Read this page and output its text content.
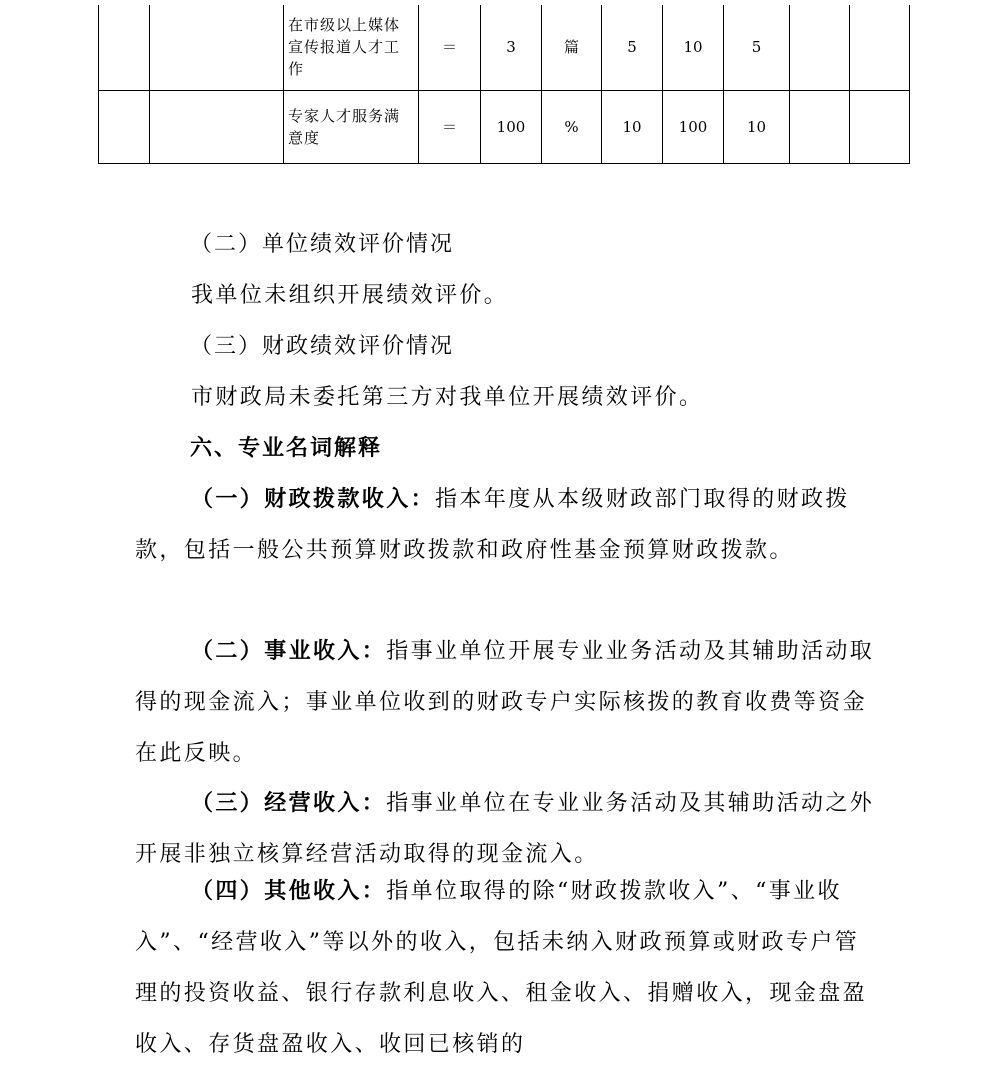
		在市级以上媒体宣传报道人才工作	＝	3	篇	5	10	5		
		专家人才服务满意度	＝	100	%	10	100	10		

（二）单位绩效评价情况

我单位未组织开展绩效评价。

（三）财政绩效评价情况

市财政局未委托第三方对我单位开展绩效评价。

六、专业名词解释

（一）财政拨款收入：指本年度从本级财政部门取得的财政拨款，包括一般公共预算财政拨款和政府性基金预算财政拨款。

（二）事业收入：指事业单位开展专业业务活动及其辅助活动取得的现金流入；事业单位收到的财政专户实际核拨的教育收费等资金在此反映。

（三）经营收入：指事业单位在专业业务活动及其辅助活动之外开展非独立核算经营活动取得的现金流入。

（四）其他收入：指单位取得的除“财政拨款收入”、“事业收入”、“经营收入”等以外的收入，包括未纳入财政预算或财政专户管理的投资收益、银行存款利息收入、租金收入、捐赠收入，现金盘盈收入、存货盘盈收入、收回已核销的
